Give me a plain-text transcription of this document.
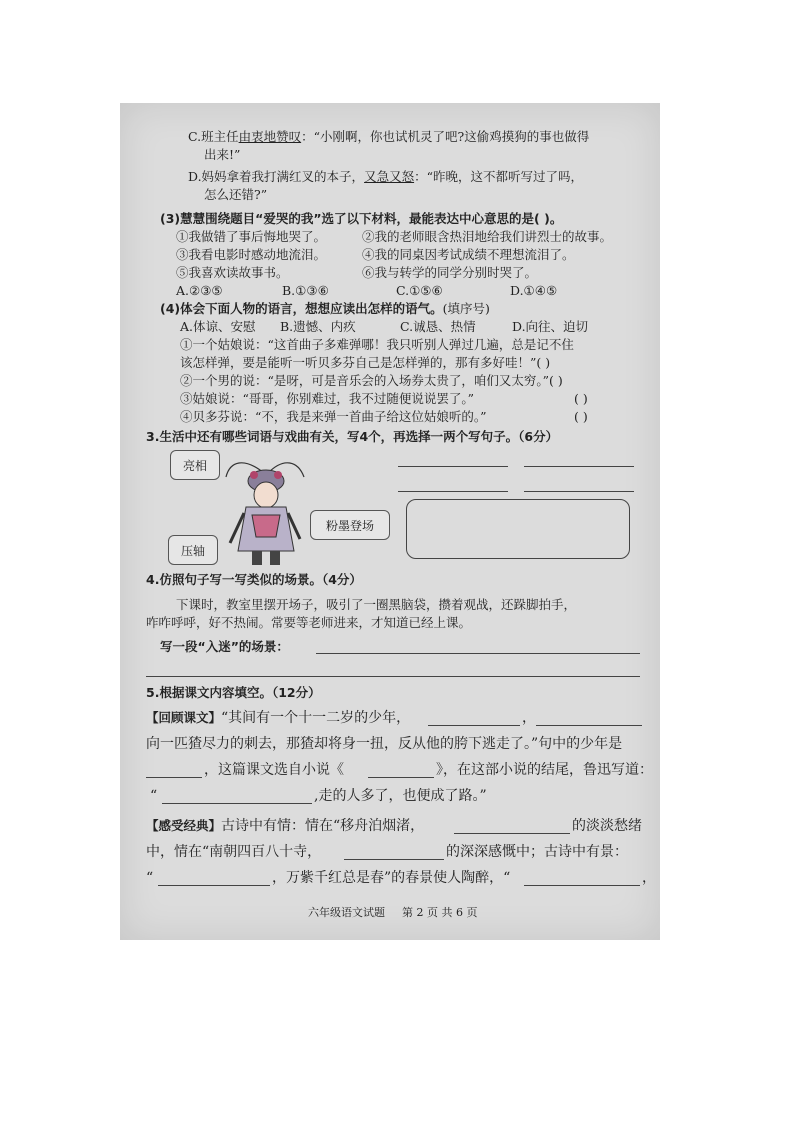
C.班主任由衷地赞叹：“小刚啊，你也试机灵了吧?这偷鸡摸狗的事也做得

出来!”

D.妈妈拿着我打满红叉的本子，又急又怒：“昨晚，这不都听写过了吗，

怎么还错?”

(3)慧慧围绕题目“爱哭的我”选了以下材料，最能表达中心意思的是( )。

①我做错了事后悔地哭了。	②我的老师眼含热泪地给我们讲烈士的故事。

③我看电影时感动地流泪。	④我的同桌因考试成绩不理想流泪了。

⑤我喜欢读故事书。	⑥我与转学的同学分别时哭了。

A.②③⑤	B.①③⑥	C.①⑤⑥	D.①④⑤

(4)体会下面人物的语言，想想应读出怎样的语气。(填序号)

A.体谅、安慰 B.遗憾、内疚	C.诚恳、热情	D.向往、迫切

①一个姑娘说：“这首曲子多难弹哪！我只听别人弹过几遍，总是记不住

该怎样弹，要是能听一听贝多芬自己是怎样弹的，那有多好哇！”( )

②一个男的说：“是呀，可是音乐会的入场券太贵了，咱们又太穷。”( )

③姑娘说：“哥哥，你别难过，我不过随便说说罢了。”	( )

④贝多芬说：“不，我是来弹一首曲子给这位姑娘听的。”	( )

3.生活中还有哪些词语与戏曲有关，写4个，再选择一两个写句子。（6分）

亮相
粉墨登场
压轴

4.仿照句子写一写类似的场景。（4分）

下课时，教室里摆开场子，吸引了一圈黑脑袋，攒着观战，还跺脚拍手，

咋咋呼呼，好不热闹。常要等老师进来，才知道已经上课。

写一段“入迷”的场景：

5.根据课文内容填空。（12分）

【回顾课文】“其间有一个十一二岁的少年，	，

向一匹猹尽力的刺去，那猹却将身一扭，反从他的胯下逃走了。”句中的少年是

，这篇课文选自小说《	》，在这部小说的结尾，鲁迅写道：

“	,走的人多了，也便成了路。”

【感受经典】古诗中有情：情在“移舟泊烟渚，	的淡淡愁绪

中，情在“南朝四百八十寺，	的深深感慨中；古诗中有景：

“	，万紫千红总是春”的春景使人陶醉，“	，

六年级语文试题 第 2 页 共 6 页
